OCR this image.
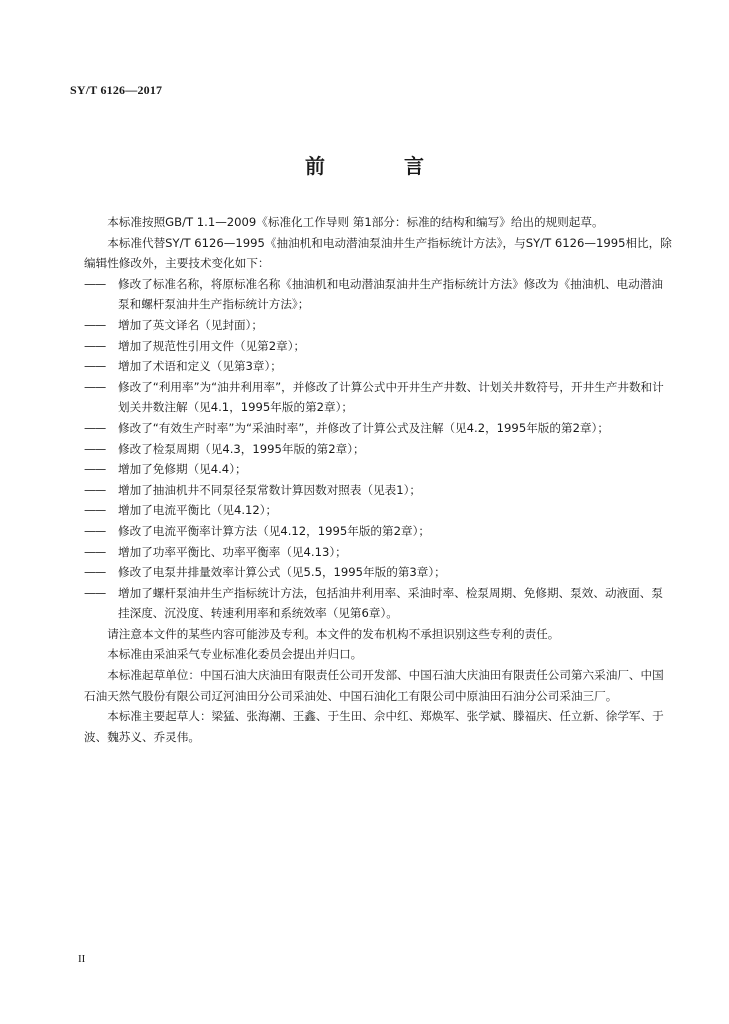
SY/T 6126—2017
前 言

本标准按照GB/T 1.1—2009《标准化工作导则 第1部分：标准的结构和编写》给出的规则起草。

本标准代替SY/T 6126—1995《抽油机和电动潜油泵油井生产指标统计方法》，与SY/T 6126—1995相比，除编辑性修改外，主要技术变化如下：

——	修改了标准名称，将原标准名称《抽油机和电动潜油泵油井生产指标统计方法》修改为《抽油机、电动潜油泵和螺杆泵油井生产指标统计方法》；
——	增加了英文译名（见封面）；
——	增加了规范性引用文件（见第2章）；
——	增加了术语和定义（见第3章）；
——	修改了“利用率”为“油井利用率”，并修改了计算公式中开井生产井数、计划关井数符号，开井生产井数和计划关井数注解（见4.1，1995年版的第2章）；
——	修改了“有效生产时率”为“采油时率”，并修改了计算公式及注解（见4.2，1995年版的第2章）；
——	修改了检泵周期（见4.3，1995年版的第2章）；
——	增加了免修期（见4.4）；
——	增加了抽油机井不同泵径泵常数计算因数对照表（见表1）；
——	增加了电流平衡比（见4.12）；
——	修改了电流平衡率计算方法（见4.12，1995年版的第2章）；
——	增加了功率平衡比、功率平衡率（见4.13）；
——	修改了电泵井排量效率计算公式（见5.5，1995年版的第3章）；
——	增加了螺杆泵油井生产指标统计方法，包括油井利用率、采油时率、检泵周期、免修期、泵效、动液面、泵挂深度、沉没度、转速利用率和系统效率（见第6章）。

请注意本文件的某些内容可能涉及专利。本文件的发布机构不承担识别这些专利的责任。

本标准由采油采气专业标准化委员会提出并归口。

本标准起草单位：中国石油大庆油田有限责任公司开发部、中国石油大庆油田有限责任公司第六采油厂、中国石油天然气股份有限公司辽河油田分公司采油处、中国石油化工有限公司中原油田石油分公司采油三厂。

本标准主要起草人：梁猛、张海潮、王鑫、于生田、佘中红、郑焕军、张学斌、滕福庆、任立新、徐学军、于波、魏苏义、乔灵伟。

II
